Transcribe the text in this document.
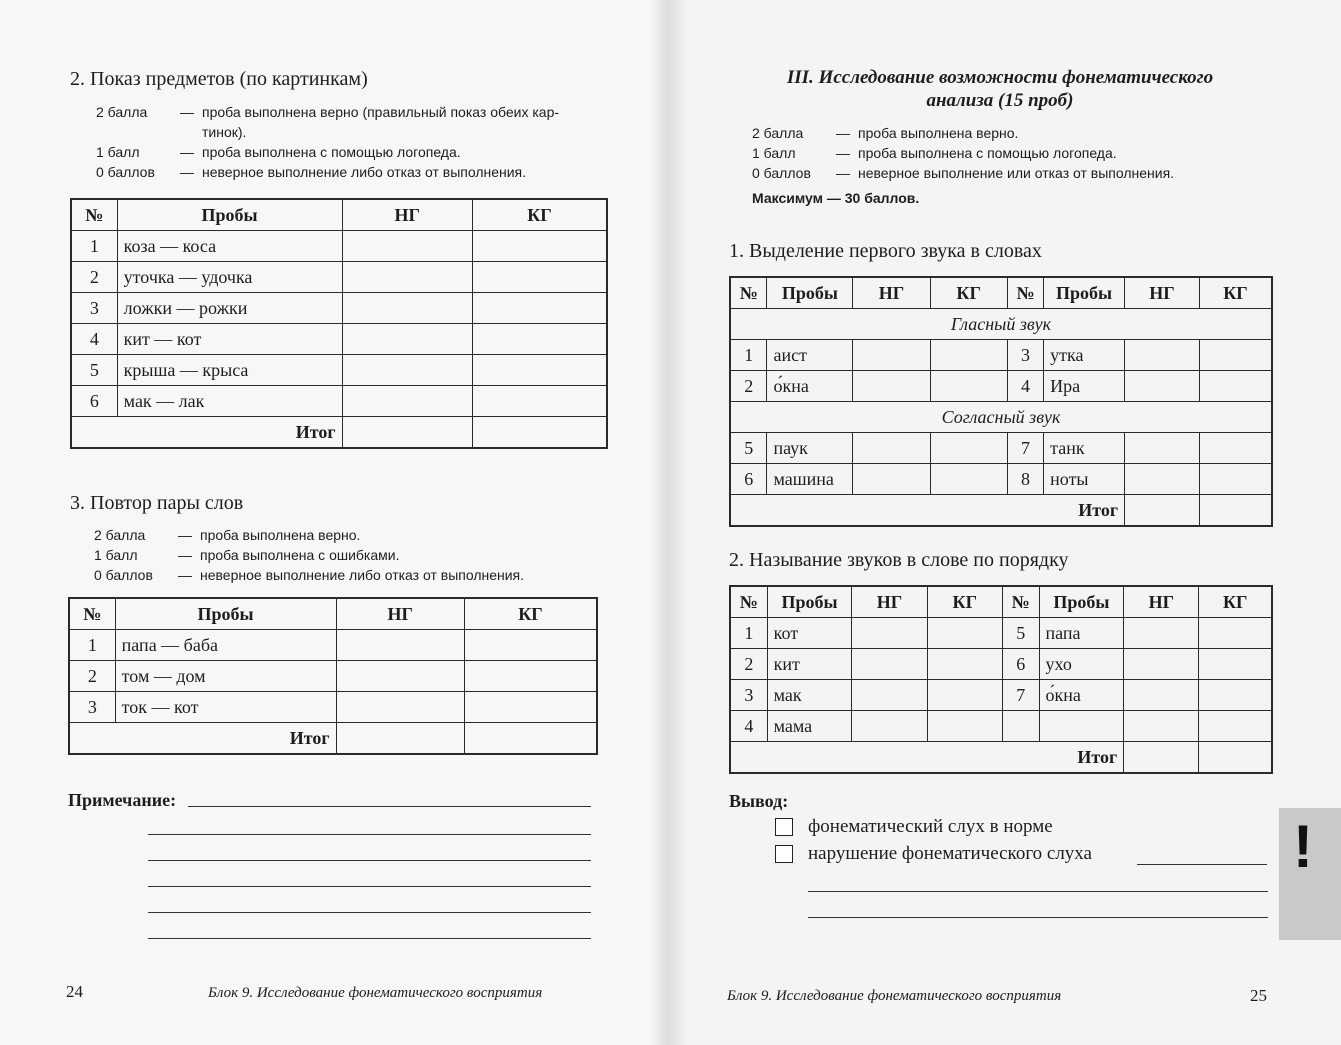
2. Показ предметов (по картинкам)
2 балла	— проба выполнена верно (правильный показ обеих кар-
тинок).
1 балл	— проба выполнена с помощью логопеда.
0 баллов	— неверное выполнение либо отказ от выполнения.
№	Пробы	НГ	КГ
1	коза — коса		
2	уточка — удочка		
3	ложки — рожки		
4	кит — кот		
5	крыша — крыса		
6	мак — лак		
Итог			
3. Повтор пары слов
2 балла	— проба выполнена верно.
1 балл	— проба выполнена с ошибками.
0 баллов	— неверное выполнение либо отказ от выполнения.
№	Пробы	НГ	КГ
1	папа — баба		
2	том — дом		
3	ток — кот		
Итог			
Примечание:
24	Блок 9. Исследование фонематического восприятия
III. Исследование возможности фонематического
анализа (15 проб)
2 балла	— проба выполнена верно.
1 балл	— проба выполнена с помощью логопеда.
0 баллов	— неверное выполнение или отказ от выполнения.
Максимум — 30 баллов.
1. Выделение первого звука в словах
№	Пробы	НГ	КГ	№	Пробы	НГ	КГ
Гласный звук							
1	аист			3	утка		
2	о́кна			4	Ира		
Согласный звук							
5	паук			7	танк		
6	машина			8	ноты		
Итог							
2. Называние звуков в слове по порядку
№	Пробы	НГ	КГ	№	Пробы	НГ	КГ
1	кот			5	папа		
2	кит			6	ухо		
3	мак			7	о́кна		
4	мама						
Итог							
Вывод:
фонематический слух в норме
нарушение фонематического слуха
Блок 9. Исследование фонематического восприятия	25
!
